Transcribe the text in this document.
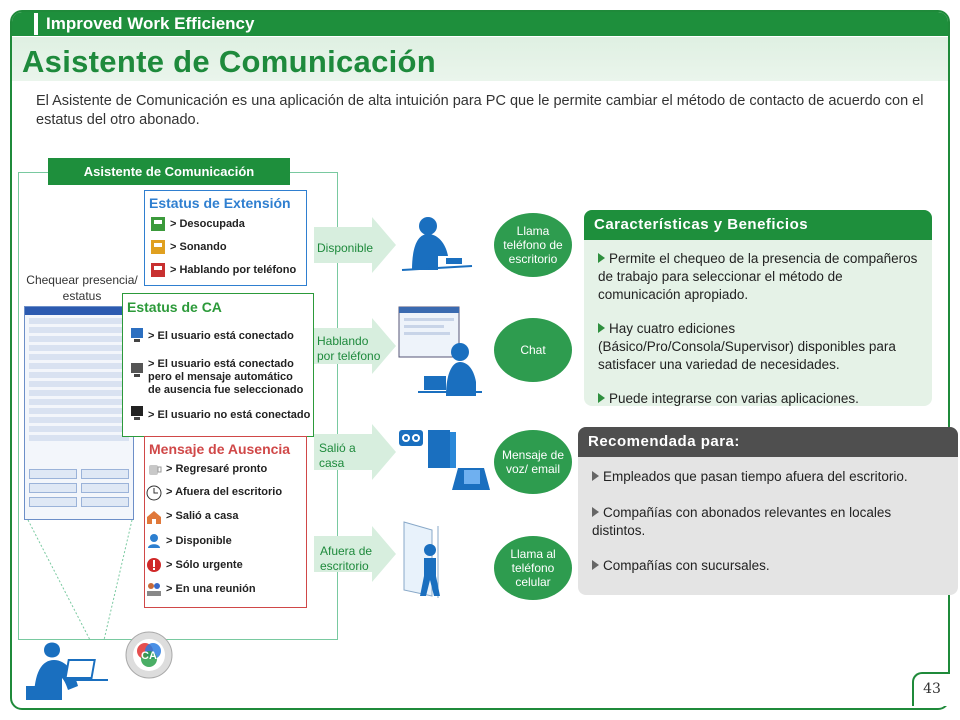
Improved Work Efficiency
Asistente de Comunicación
El Asistente de Comunicación es una aplicación de alta intuición para PC que le permite cambiar el método de contacto de acuerdo con el estatus del otro abonado.
Asistente de Comunicación
Chequear presencia/ estatus
Estatus de Extensión
> Desocupada
> Sonando
> Hablando por teléfono
Estatus de CA
> El usuario está conectado
> El usuario está conectado pero el mensaje automático de ausencia fue seleccionado
> El usuario no está conectado
Mensaje de Ausencia
> Regresaré pronto
> Afuera del escritorio
> Salió a casa
> Disponible
> Sólo urgente
> En una reunión
CA
Disponible
Hablando por teléfono
Salió a casa
Afuera de escritorio
Llama teléfono de escritorio
Chat
Mensaje de voz/ email
Llama al teléfono celular
Características y Beneficios
Permite el chequeo de la presencia de compañeros de trabajo para seleccionar el método de comunicación apropiado.
Hay cuatro ediciones (Básico/Pro/Consola/Supervisor) disponibles para satisfacer una variedad de necesidades.
Puede integrarse con varias aplicaciones.
Recomendada para:
Empleados que pasan tiempo afuera del escritorio.
Compañías con abonados relevantes en locales distintos.
Compañías con sucursales.
43
